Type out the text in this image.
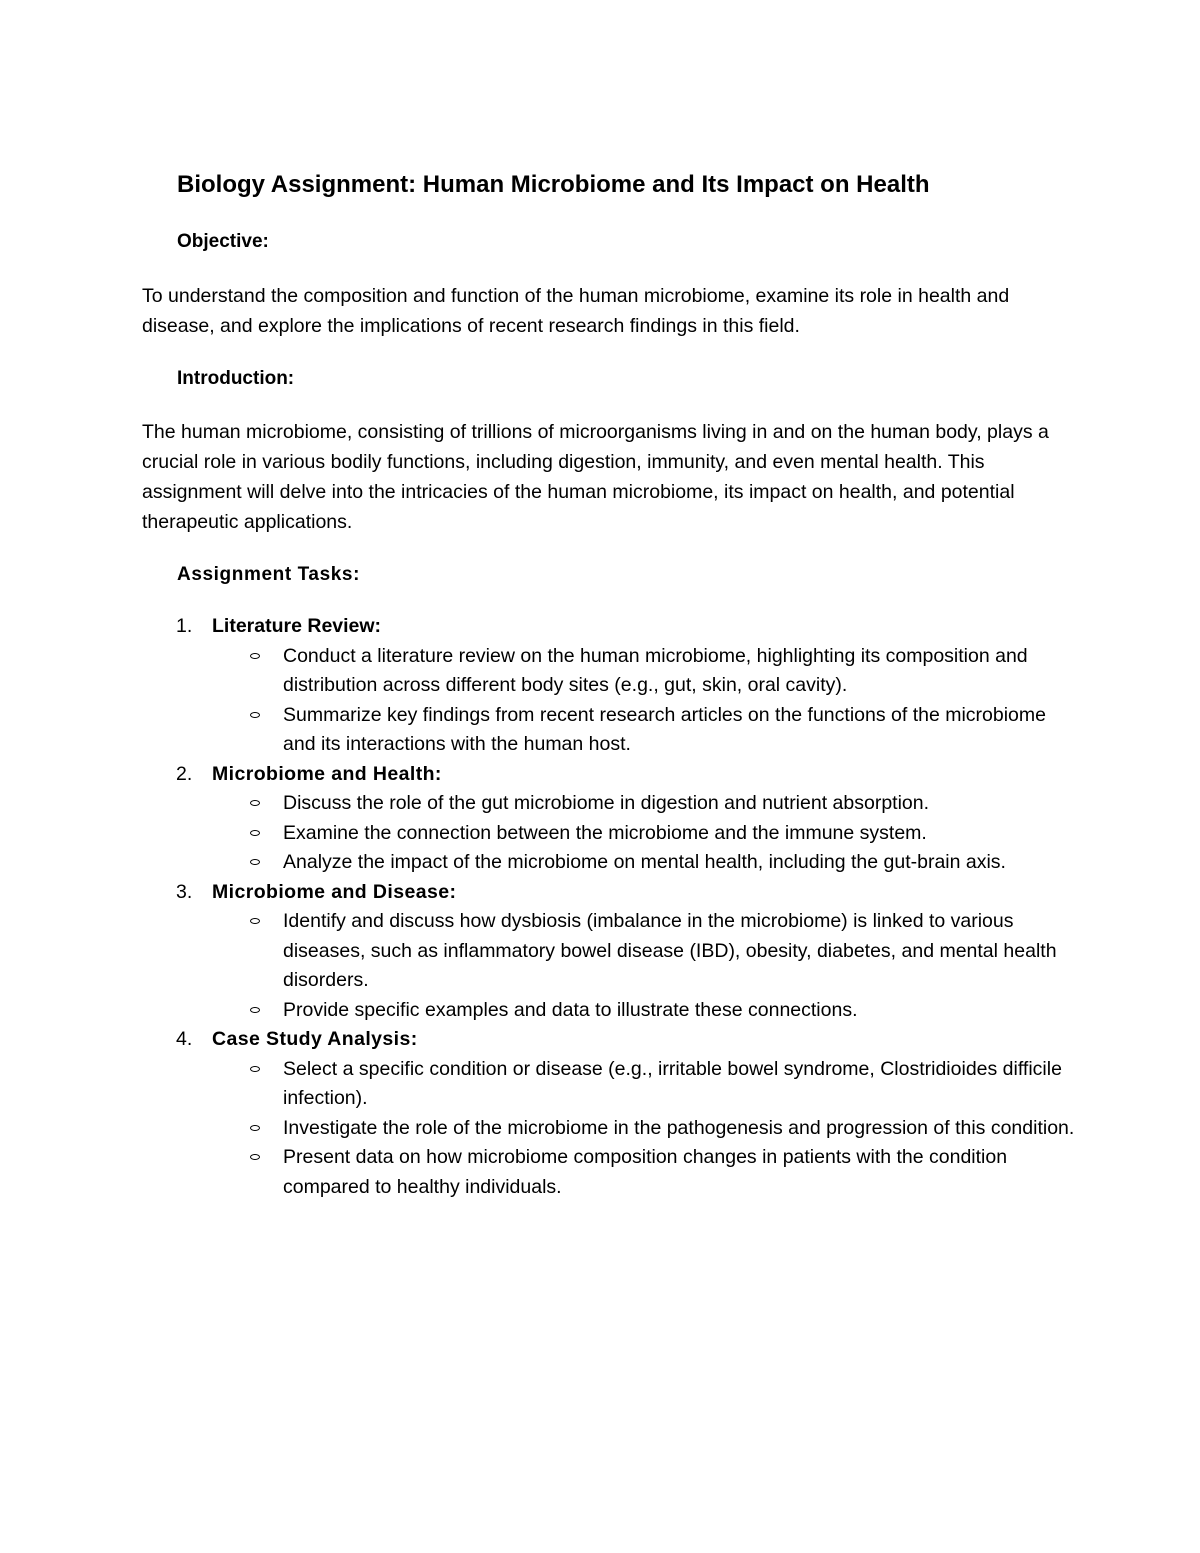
Biology Assignment: Human Microbiome and Its Impact on Health
Objective:

To understand the composition and function of the human microbiome, examine its role in health and disease, and explore the implications of recent research findings in this field.

Introduction:

The human microbiome, consisting of trillions of microorganisms living in and on the human body, plays a crucial role in various bodily functions, including digestion, immunity, and even mental health. This assignment will delve into the intricacies of the human microbiome, its impact on health, and potential therapeutic applications.

Assignment Tasks:
1. Literature Review:
Conduct a literature review on the human microbiome, highlighting its composition and distribution across different body sites (e.g., gut, skin, oral cavity).
Summarize key findings from recent research articles on the functions of the microbiome and its interactions with the human host.
2. Microbiome and Health:
Discuss the role of the gut microbiome in digestion and nutrient absorption.
Examine the connection between the microbiome and the immune system.
Analyze the impact of the microbiome on mental health, including the gut-brain axis.
3. Microbiome and Disease:
Identify and discuss how dysbiosis (imbalance in the microbiome) is linked to various diseases, such as inflammatory bowel disease (IBD), obesity, diabetes, and mental health disorders.
Provide specific examples and data to illustrate these connections.
4. Case Study Analysis:
Select a specific condition or disease (e.g., irritable bowel syndrome, Clostridioides difficile infection).
Investigate the role of the microbiome in the pathogenesis and progression of this condition.
Present data on how microbiome composition changes in patients with the condition compared to healthy individuals.
